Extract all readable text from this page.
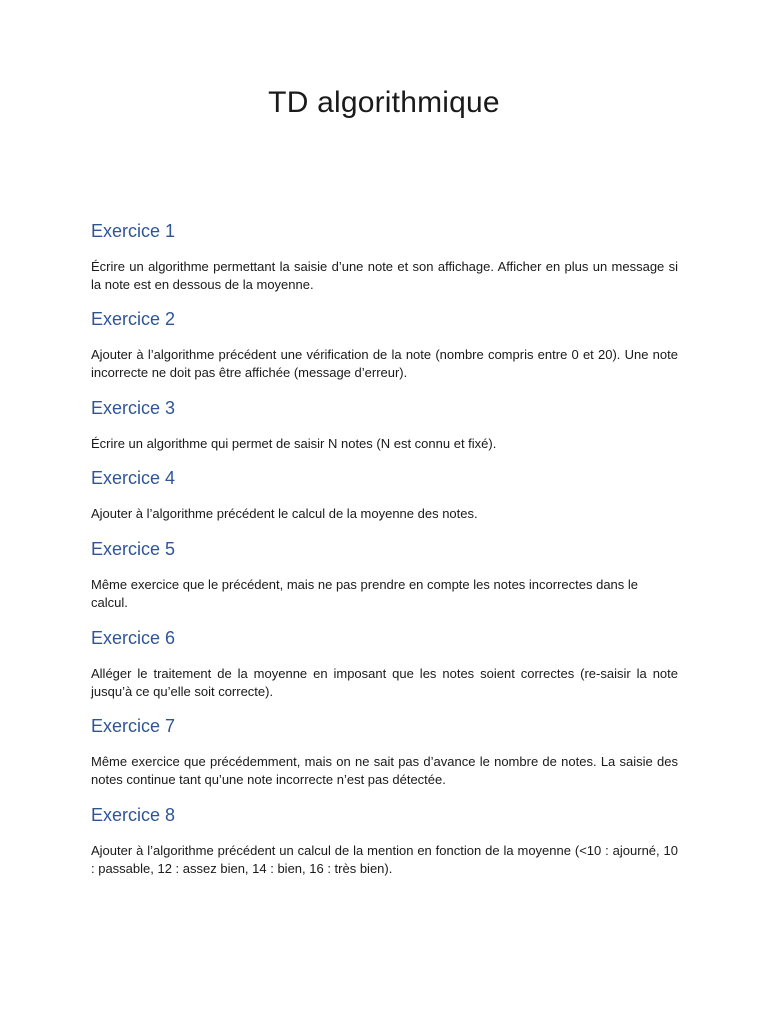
TD algorithmique
Exercice 1

Écrire un algorithme permettant la saisie d’une note et son affichage. Afficher en plus un message si la note est en dessous de la moyenne.

Exercice 2

Ajouter à l’algorithme précédent une vérification de la note (nombre compris entre 0 et 20). Une note incorrecte ne doit pas être affichée (message d’erreur).

Exercice 3

Écrire un algorithme qui permet de saisir N notes (N est connu et fixé).

Exercice 4

Ajouter à l’algorithme précédent le calcul de la moyenne des notes.

Exercice 5

Même exercice que le précédent, mais ne pas prendre en compte les notes incorrectes dans le calcul.

Exercice 6

Alléger le traitement de la moyenne en imposant que les notes soient correctes (re-saisir la note jusqu’à ce qu’elle soit correcte).

Exercice 7

Même exercice que précédemment, mais on ne sait pas d’avance le nombre de notes. La saisie des notes continue tant qu’une note incorrecte n’est pas détectée.

Exercice 8

Ajouter à l’algorithme précédent un calcul de la mention en fonction de la moyenne (<10 : ajourné, 10 : passable, 12 : assez bien, 14 : bien, 16 : très bien).
